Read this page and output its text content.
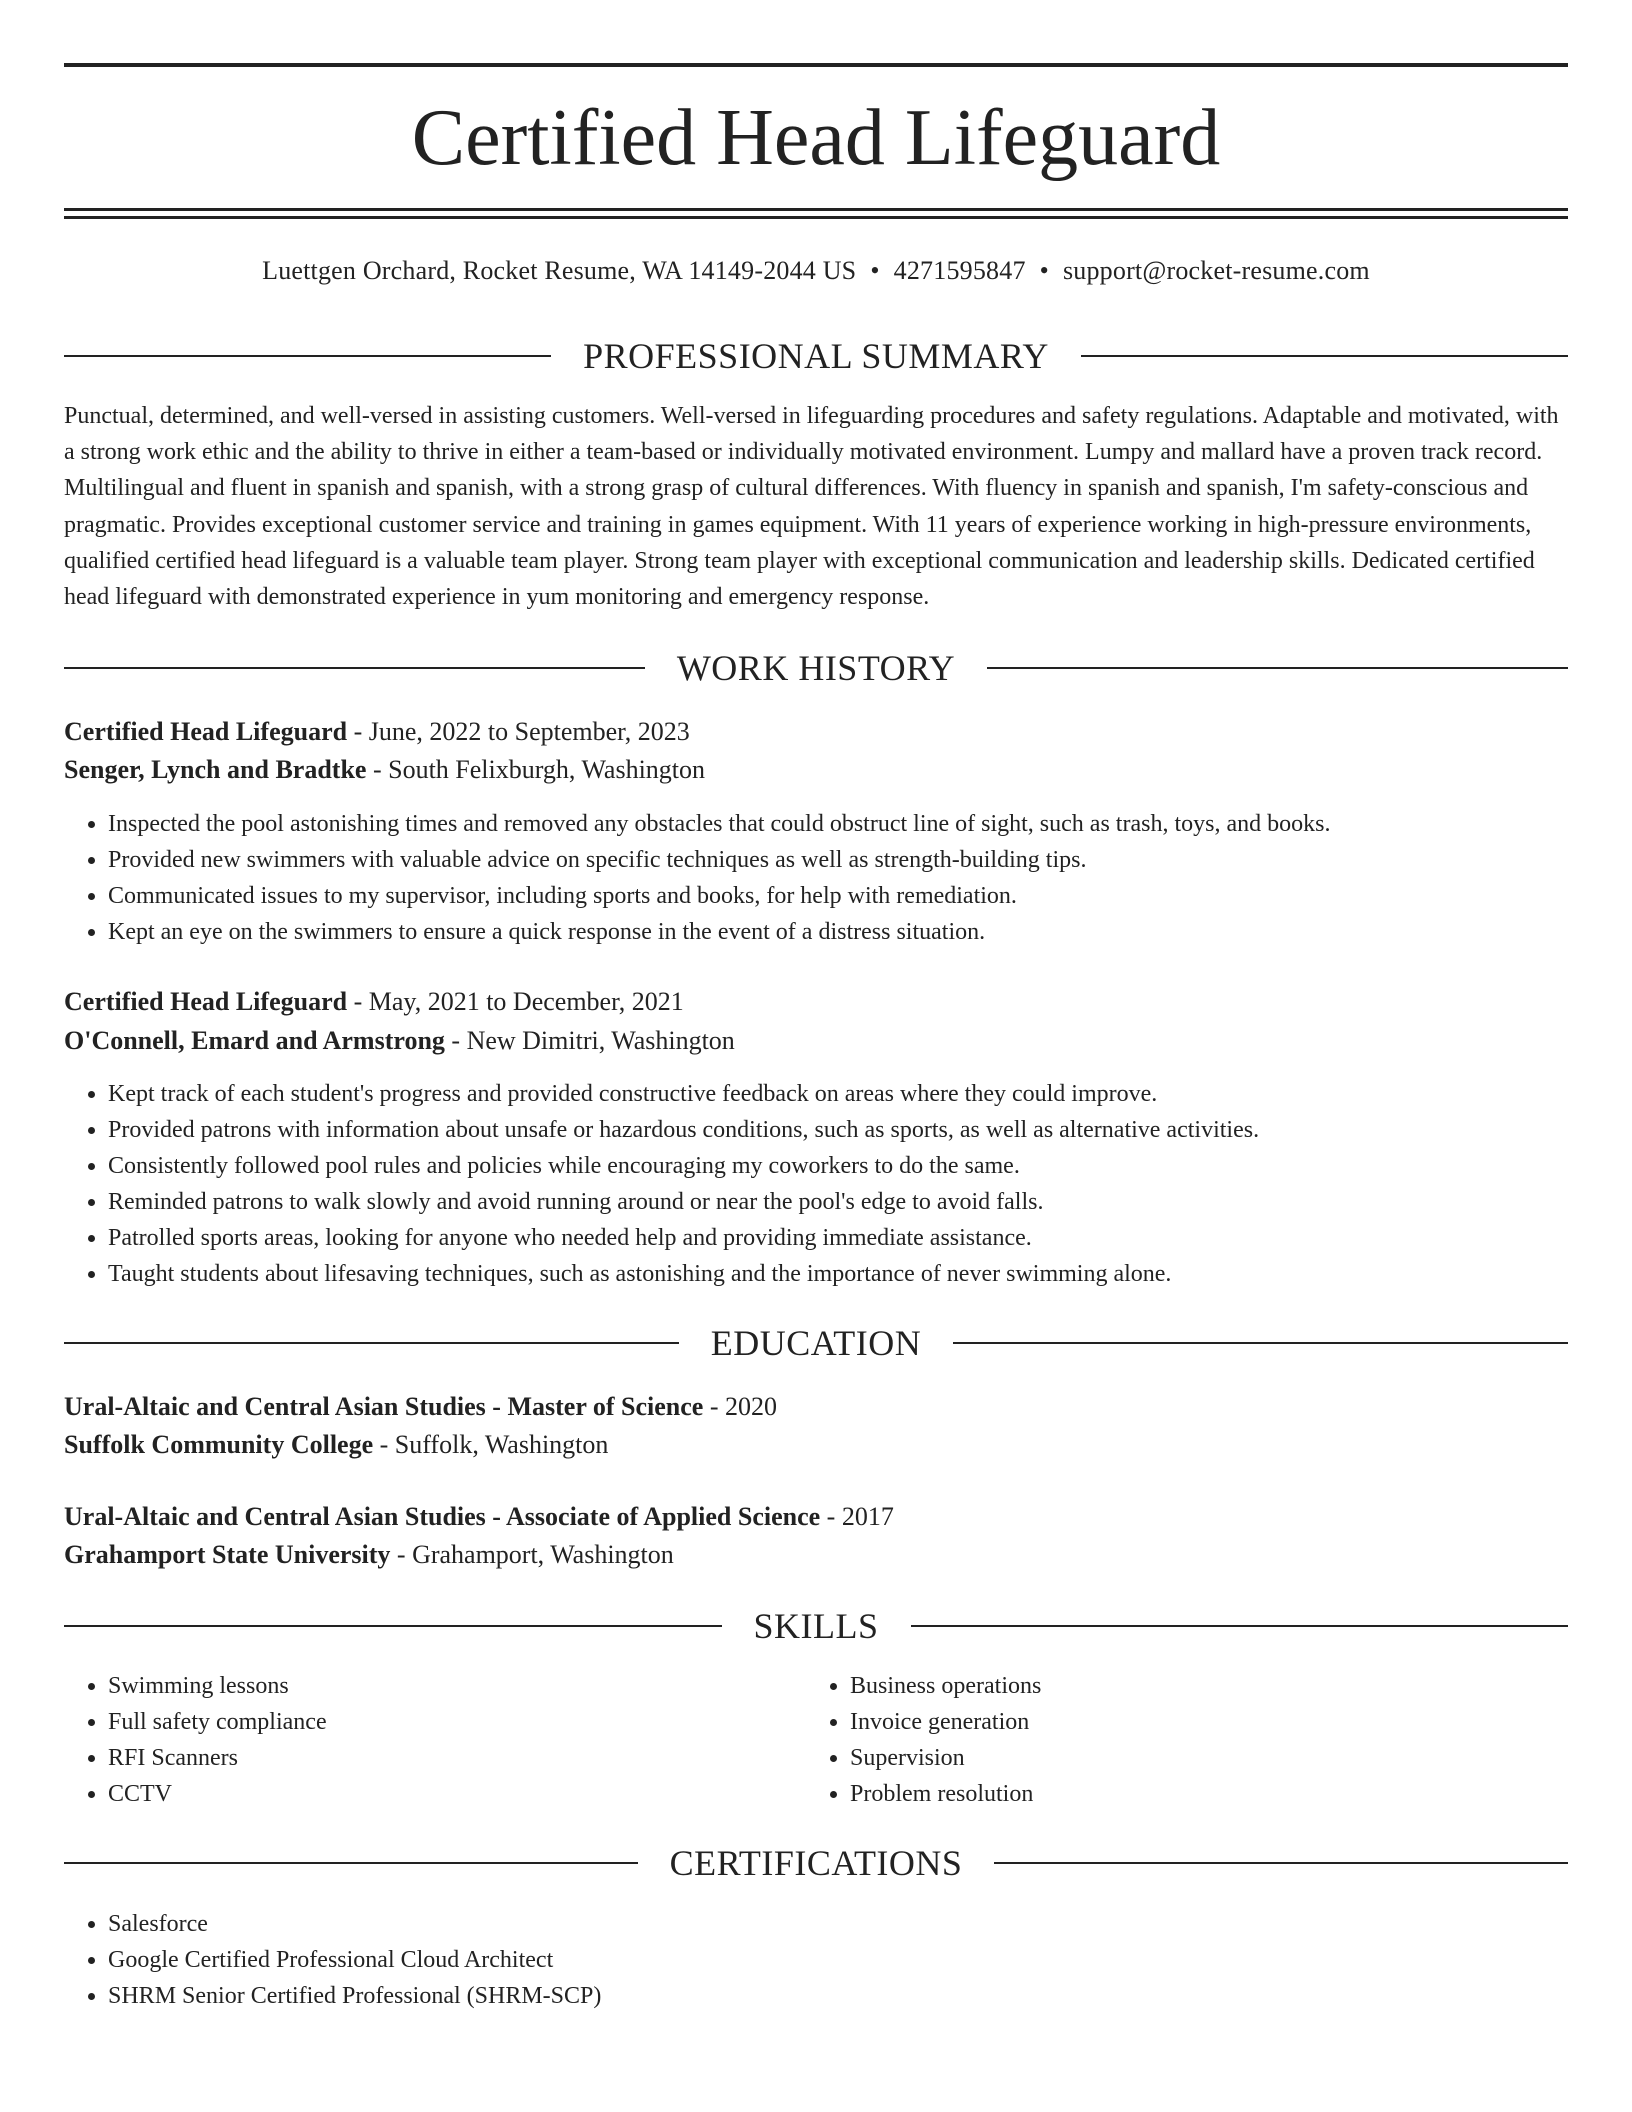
Certified Head Lifeguard
Luettgen Orchard, Rocket Resume, WA 14149-2044 US • 4271595847 • support@rocket-resume.com
PROFESSIONAL SUMMARY

Punctual, determined, and well-versed in assisting customers. Well-versed in lifeguarding procedures and safety regulations. Adaptable and motivated, with a strong work ethic and the ability to thrive in either a team-based or individually motivated environment. Lumpy and mallard have a proven track record. Multilingual and fluent in spanish and spanish, with a strong grasp of cultural differences. With fluency in spanish and spanish, I'm safety-conscious and pragmatic. Provides exceptional customer service and training in games equipment. With 11 years of experience working in high-pressure environments, qualified certified head lifeguard is a valuable team player. Strong team player with exceptional communication and leadership skills. Dedicated certified head lifeguard with demonstrated experience in yum monitoring and emergency response.

WORK HISTORY
Certified Head Lifeguard - June, 2022 to September, 2023
Senger, Lynch and Bradtke - South Felixburgh, Washington
• Inspected the pool astonishing times and removed any obstacles that could obstruct line of sight, such as trash, toys, and books.
• Provided new swimmers with valuable advice on specific techniques as well as strength-building tips.
• Communicated issues to my supervisor, including sports and books, for help with remediation.
• Kept an eye on the swimmers to ensure a quick response in the event of a distress situation.
Certified Head Lifeguard - May, 2021 to December, 2021
O'Connell, Emard and Armstrong - New Dimitri, Washington
• Kept track of each student's progress and provided constructive feedback on areas where they could improve.
• Provided patrons with information about unsafe or hazardous conditions, such as sports, as well as alternative activities.
• Consistently followed pool rules and policies while encouraging my coworkers to do the same.
• Reminded patrons to walk slowly and avoid running around or near the pool's edge to avoid falls.
• Patrolled sports areas, looking for anyone who needed help and providing immediate assistance.
• Taught students about lifesaving techniques, such as astonishing and the importance of never swimming alone.
EDUCATION
Ural-Altaic and Central Asian Studies - Master of Science - 2020
Suffolk Community College - Suffolk, Washington
Ural-Altaic and Central Asian Studies - Associate of Applied Science - 2017
Grahamport State University - Grahamport, Washington
SKILLS
• Swimming lessons
• Full safety compliance
• RFI Scanners
• CCTV
• Business operations
• Invoice generation
• Supervision
• Problem resolution
CERTIFICATIONS
• Salesforce
• Google Certified Professional Cloud Architect
• SHRM Senior Certified Professional (SHRM-SCP)
